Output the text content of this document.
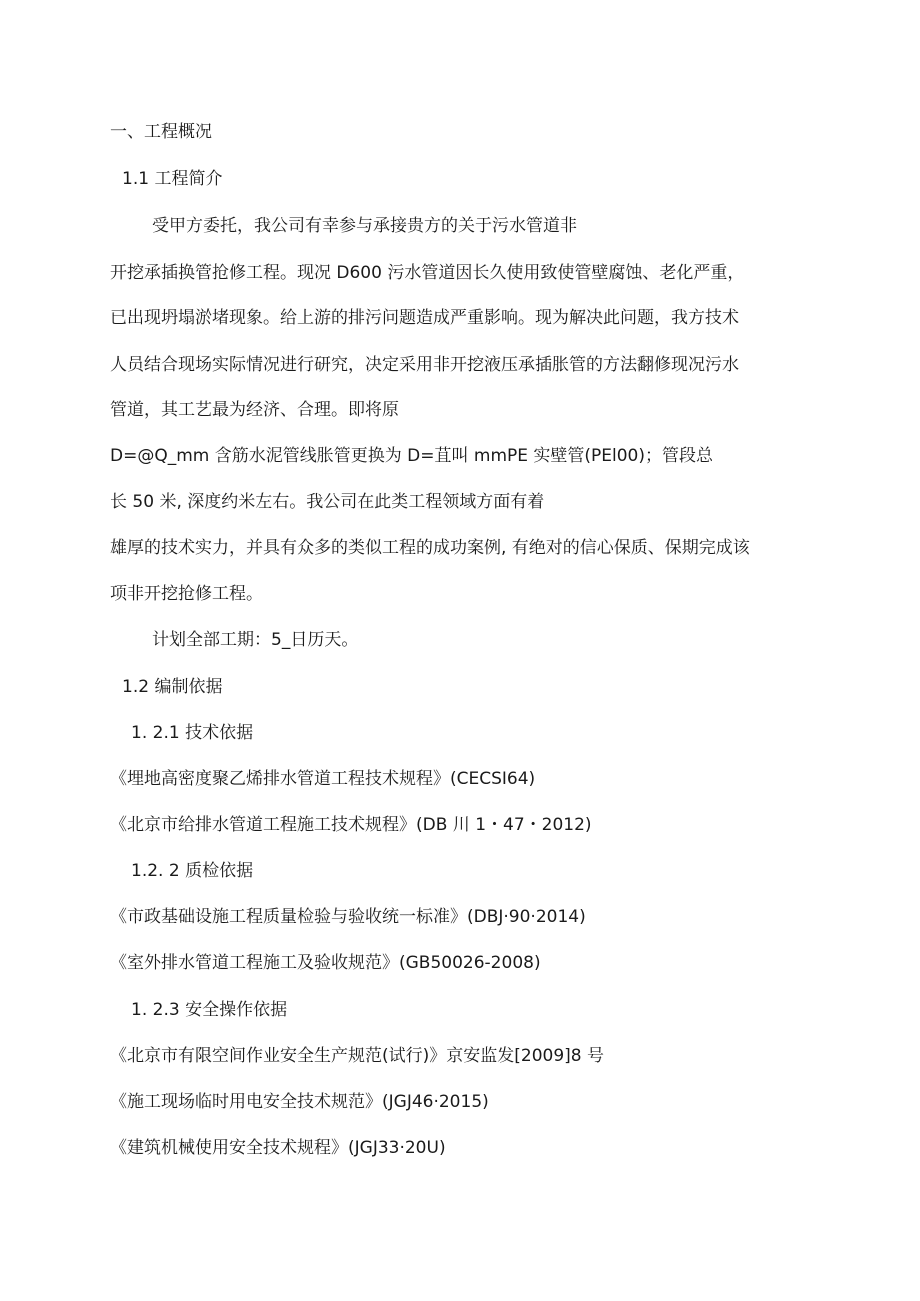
一、工程概况
1.1 工程简介
受甲方委托，我公司有幸参与承接贵方的关于污水管道非
开挖承插换管抢修工程。现况 D600 污水管道因长久使用致使管壁腐蚀、老化严重，
已出现坍塌淤堵现象。给上游的排污问题造成严重影响。现为解决此问题，我方技术
人员结合现场实际情况进行研究，决定采用非开挖液压承插胀管的方法翻修现况污水
管道，其工艺最为经济、合理。即将原
D=@Q_mm 含筋水泥管线胀管更换为 D=苴叫 mmPE 实壁管(PEl00)；管段总
长 50 米, 深度约米左右。我公司在此类工程领域方面有着
雄厚的技术实力，并具有众多的类似工程的成功案例, 有绝对的信心保质、保期完成该
项非开挖抢修工程。
计划全部工期：5_日历天。
1.2 编制依据
1. 2.1 技术依据
《埋地高密度聚乙烯排水管道工程技术规程》(CECSI64)
《北京市给排水管道工程施工技术规程》(DB 川 1・47・2012)
1.2. 2 质检依据
《市政基础设施工程质量检验与验收统一标准》(DBJ·90·2014)
《室外排水管道工程施工及验收规范》(GB50026-2008)
1. 2.3 安全操作依据
《北京市有限空间作业安全生产规范(试行)》京安监发[2009]8 号
《施工现场临时用电安全技术规范》(JGJ46·2015)
《建筑机械使用安全技术规程》(JGJ33·20U)
